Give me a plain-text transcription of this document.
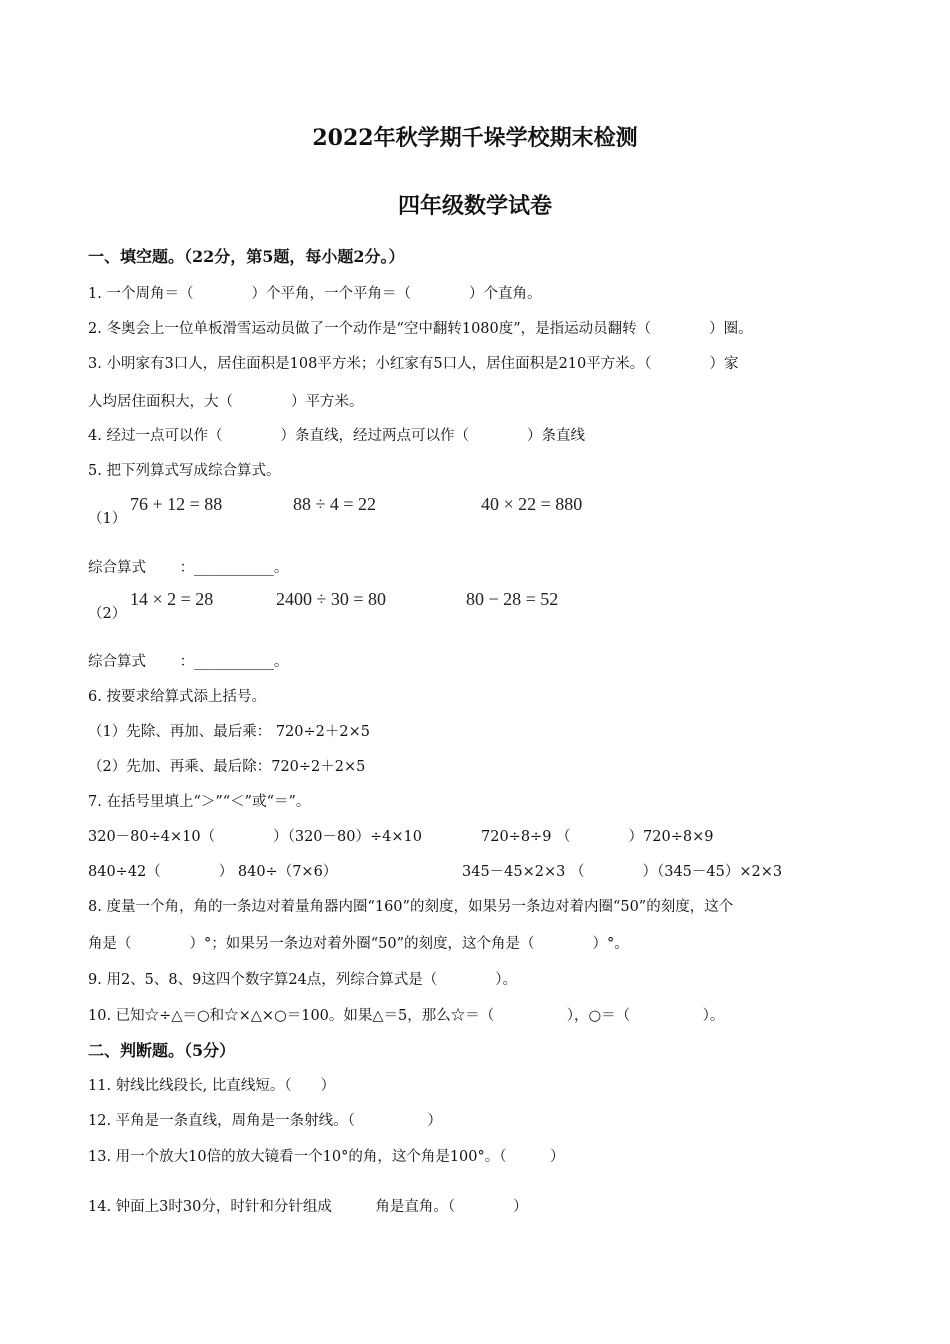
2022年秋学期千垛学校期末检测
四年级数学试卷
一、填空题。（22分，第5题，每小题2分。）
1. 一个周角＝（　　　　）个平角，一个平角＝（　　　　）个直角。
2. 冬奥会上一位单板滑雪运动员做了一个动作是“空中翻转1080度”，是指运动员翻转（　　　　）圈。
3. 小明家有3口人，居住面积是108平方米；小红家有5口人，居住面积是210平方米。（　　　　）家
人均居住面积大，大（　　　　）平方米。
4. 经过一点可以作（　　　　）条直线，经过两点可以作（　　　　）条直线
5. 把下列算式写成综合算式。
（1）
76 + 12 = 88	88 ÷ 4 = 22	40 × 22 = 880
综合算式　　 ：___________。
（2）
14 × 2 = 28	2400 ÷ 30 = 80	80 − 28 = 52
综合算式　　 ：___________。
6. 按要求给算式添上括号。
（1）先除、再加、最后乘： 720÷2＋2×5
（2）先加、再乘、最后除：720÷2＋2×5
7. 在括号里填上“＞”“＜”或“＝”。
320－80÷4×10（　　　　）（320－80）÷4×10	720÷8÷9 （　　　　）720÷8×9
840÷42（　　　　） 840÷（7×6）	345－45×2×3 （　　　　）（345－45）×2×3
8. 度量一个角，角的一条边对着量角器内圈“160”的刻度，如果另一条边对着内圈“50”的刻度，这个
角是（　　　　）°；如果另一条边对着外圈“50”的刻度，这个角是（　　　　）°。
9. 用2、5、8、9这四个数字算24点，列综合算式是（　　　　）。
10. 已知☆÷△＝○和☆×△×○＝100。如果△＝5，那么☆＝（　　　　　），○＝（　　　　　）。
二、判断题。（5分）
11. 射线比线段长, 比直线短。（　　）
12. 平角是一条直线，周角是一条射线。（　　　　　）
13. 用一个放大10倍的放大镜看一个10°的角，这个角是100°。（　　　）
14. 钟面上3时30分，时针和分针组成　　　角是直角。（　　　　）
